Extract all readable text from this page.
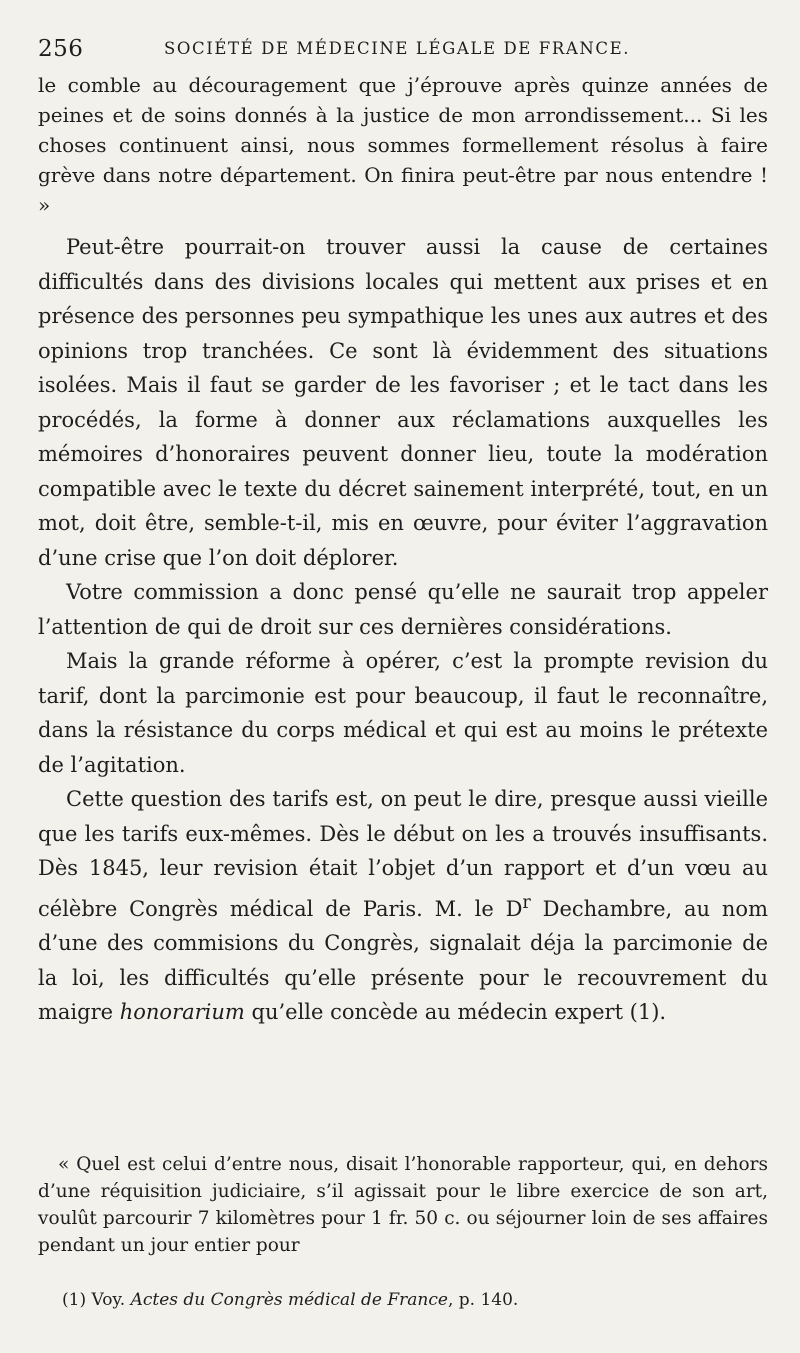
256	SOCIÉTÉ DE MÉDECINE LÉGALE DE FRANCE.

le comble au découragement que j’éprouve après quinze années de peines et de soins donnés à la justice de mon arrondissement... Si les choses continuent ainsi, nous sommes formellement résolus à faire grève dans notre département. On finira peut-être par nous entendre ! »

Peut-être pourrait-on trouver aussi la cause de certaines difficultés dans des divisions locales qui mettent aux prises et en présence des personnes peu sympathique les unes aux autres et des opinions trop tranchées. Ce sont là évidemment des situations isolées. Mais il faut se garder de les favoriser ; et le tact dans les procédés, la forme à donner aux réclamations auxquelles les mémoires d’honoraires peuvent donner lieu, toute la modération compatible avec le texte du décret sainement interprété, tout, en un mot, doit être, semble-t-il, mis en œuvre, pour éviter l’aggravation d’une crise que l’on doit déplorer.

Votre commission a donc pensé qu’elle ne saurait trop appeler l’attention de qui de droit sur ces dernières considérations.

Mais la grande réforme à opérer, c’est la prompte revision du tarif, dont la parcimonie est pour beaucoup, il faut le reconnaître, dans la résistance du corps médical et qui est au moins le prétexte de l’agitation.

Cette question des tarifs est, on peut le dire, presque aussi vieille que les tarifs eux-mêmes. Dès le début on les a trouvés insuffisants. Dès 1845, leur revision était l’objet d’un rapport et d’un vœu au célèbre Congrès médical de Paris. M. le $D^r$ Dechambre, au nom d’une des commisions du Congrès, signalait déja la parcimonie de la loi, les difficultés qu’elle présente pour le recouvrement du maigre honorarium qu’elle concède au médecin expert (1).

« Quel est celui d’entre nous, disait l’honorable rapporteur, qui, en dehors d’une réquisition judiciaire, s’il agissait pour le libre exercice de son art, voulût parcourir 7 kilomètres pour 1 fr. 50 c. ou séjourner loin de ses affaires pendant un jour entier pour

(1) Voy. Actes du Congrès médical de France, p. 140.
